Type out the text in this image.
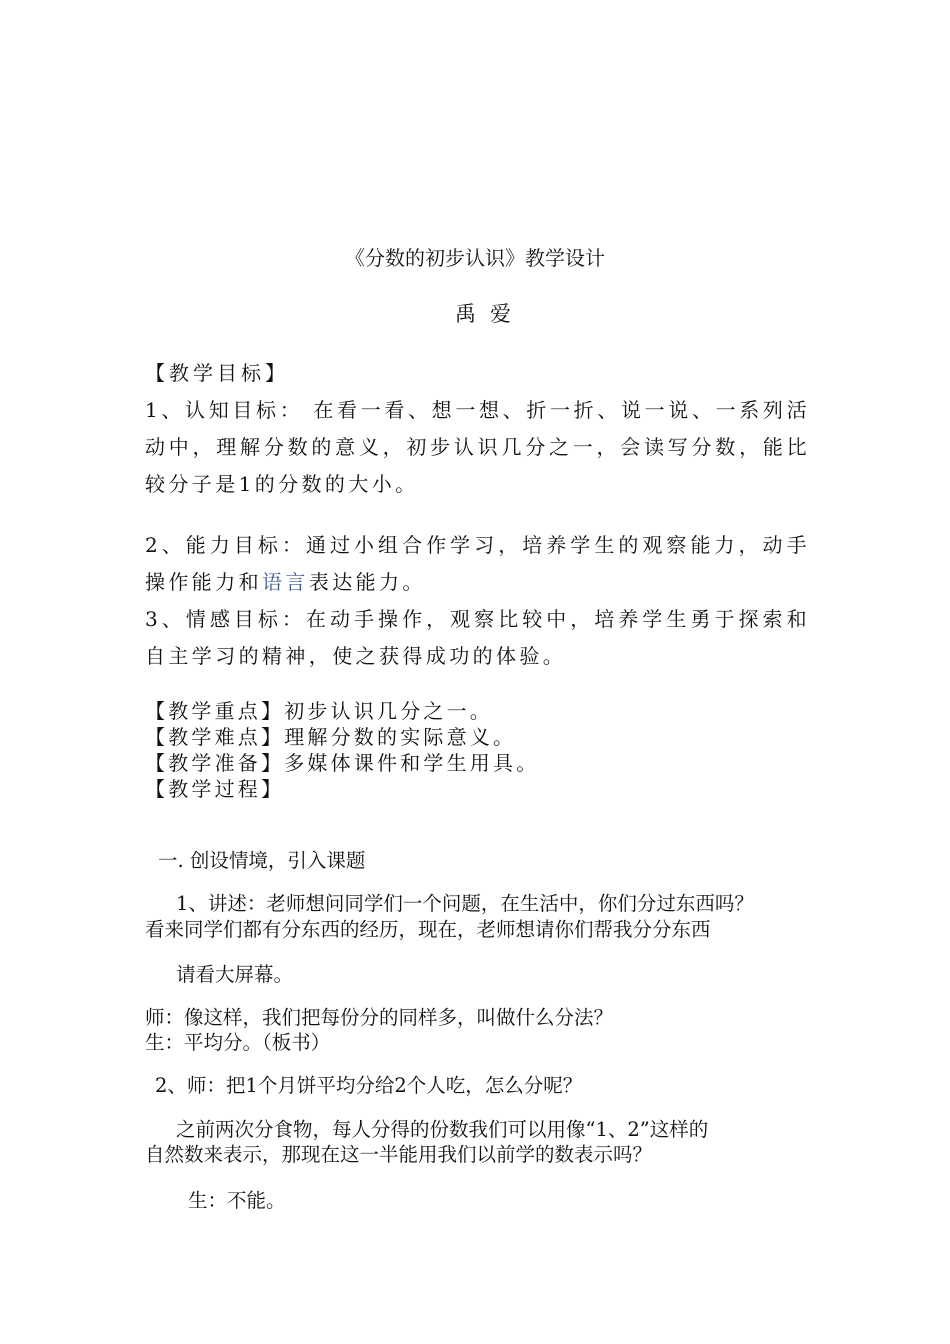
《分数的初步认识》教学设计
禹爱
【教学目标】
1、认知目标： 在看一看、想一想、折一折、说一说、一系列活动中，理解分数的意义，初步认识几分之一，会读写分数，能比较分子是1的分数的大小。
2、能力目标：通过小组合作学习，培养学生的观察能力，动手操作能力和语言表达能力。
3、情感目标：在动手操作，观察比较中，培养学生勇于探索和自主学习的精神，使之获得成功的体验。
【教学重点】初步认识几分之一。
【教学难点】理解分数的实际意义。
【教学准备】多媒体课件和学生用具。
【教学过程】
一. 创设情境，引入课题
1、讲述：老师想问同学们一个问题，在生活中，你们分过东西吗？
看来同学们都有分东西的经历，现在，老师想请你们帮我分分东西
请看大屏幕。
师：像这样，我们把每份分的同样多，叫做什么分法？
生：平均分。（板书）
2、师：把1个月饼平均分给2个人吃，怎么分呢？
之前两次分食物，每人分得的份数我们可以用像“1、2”这样的
自然数来表示，那现在这一半能用我们以前学的数表示吗？
生：不能。
